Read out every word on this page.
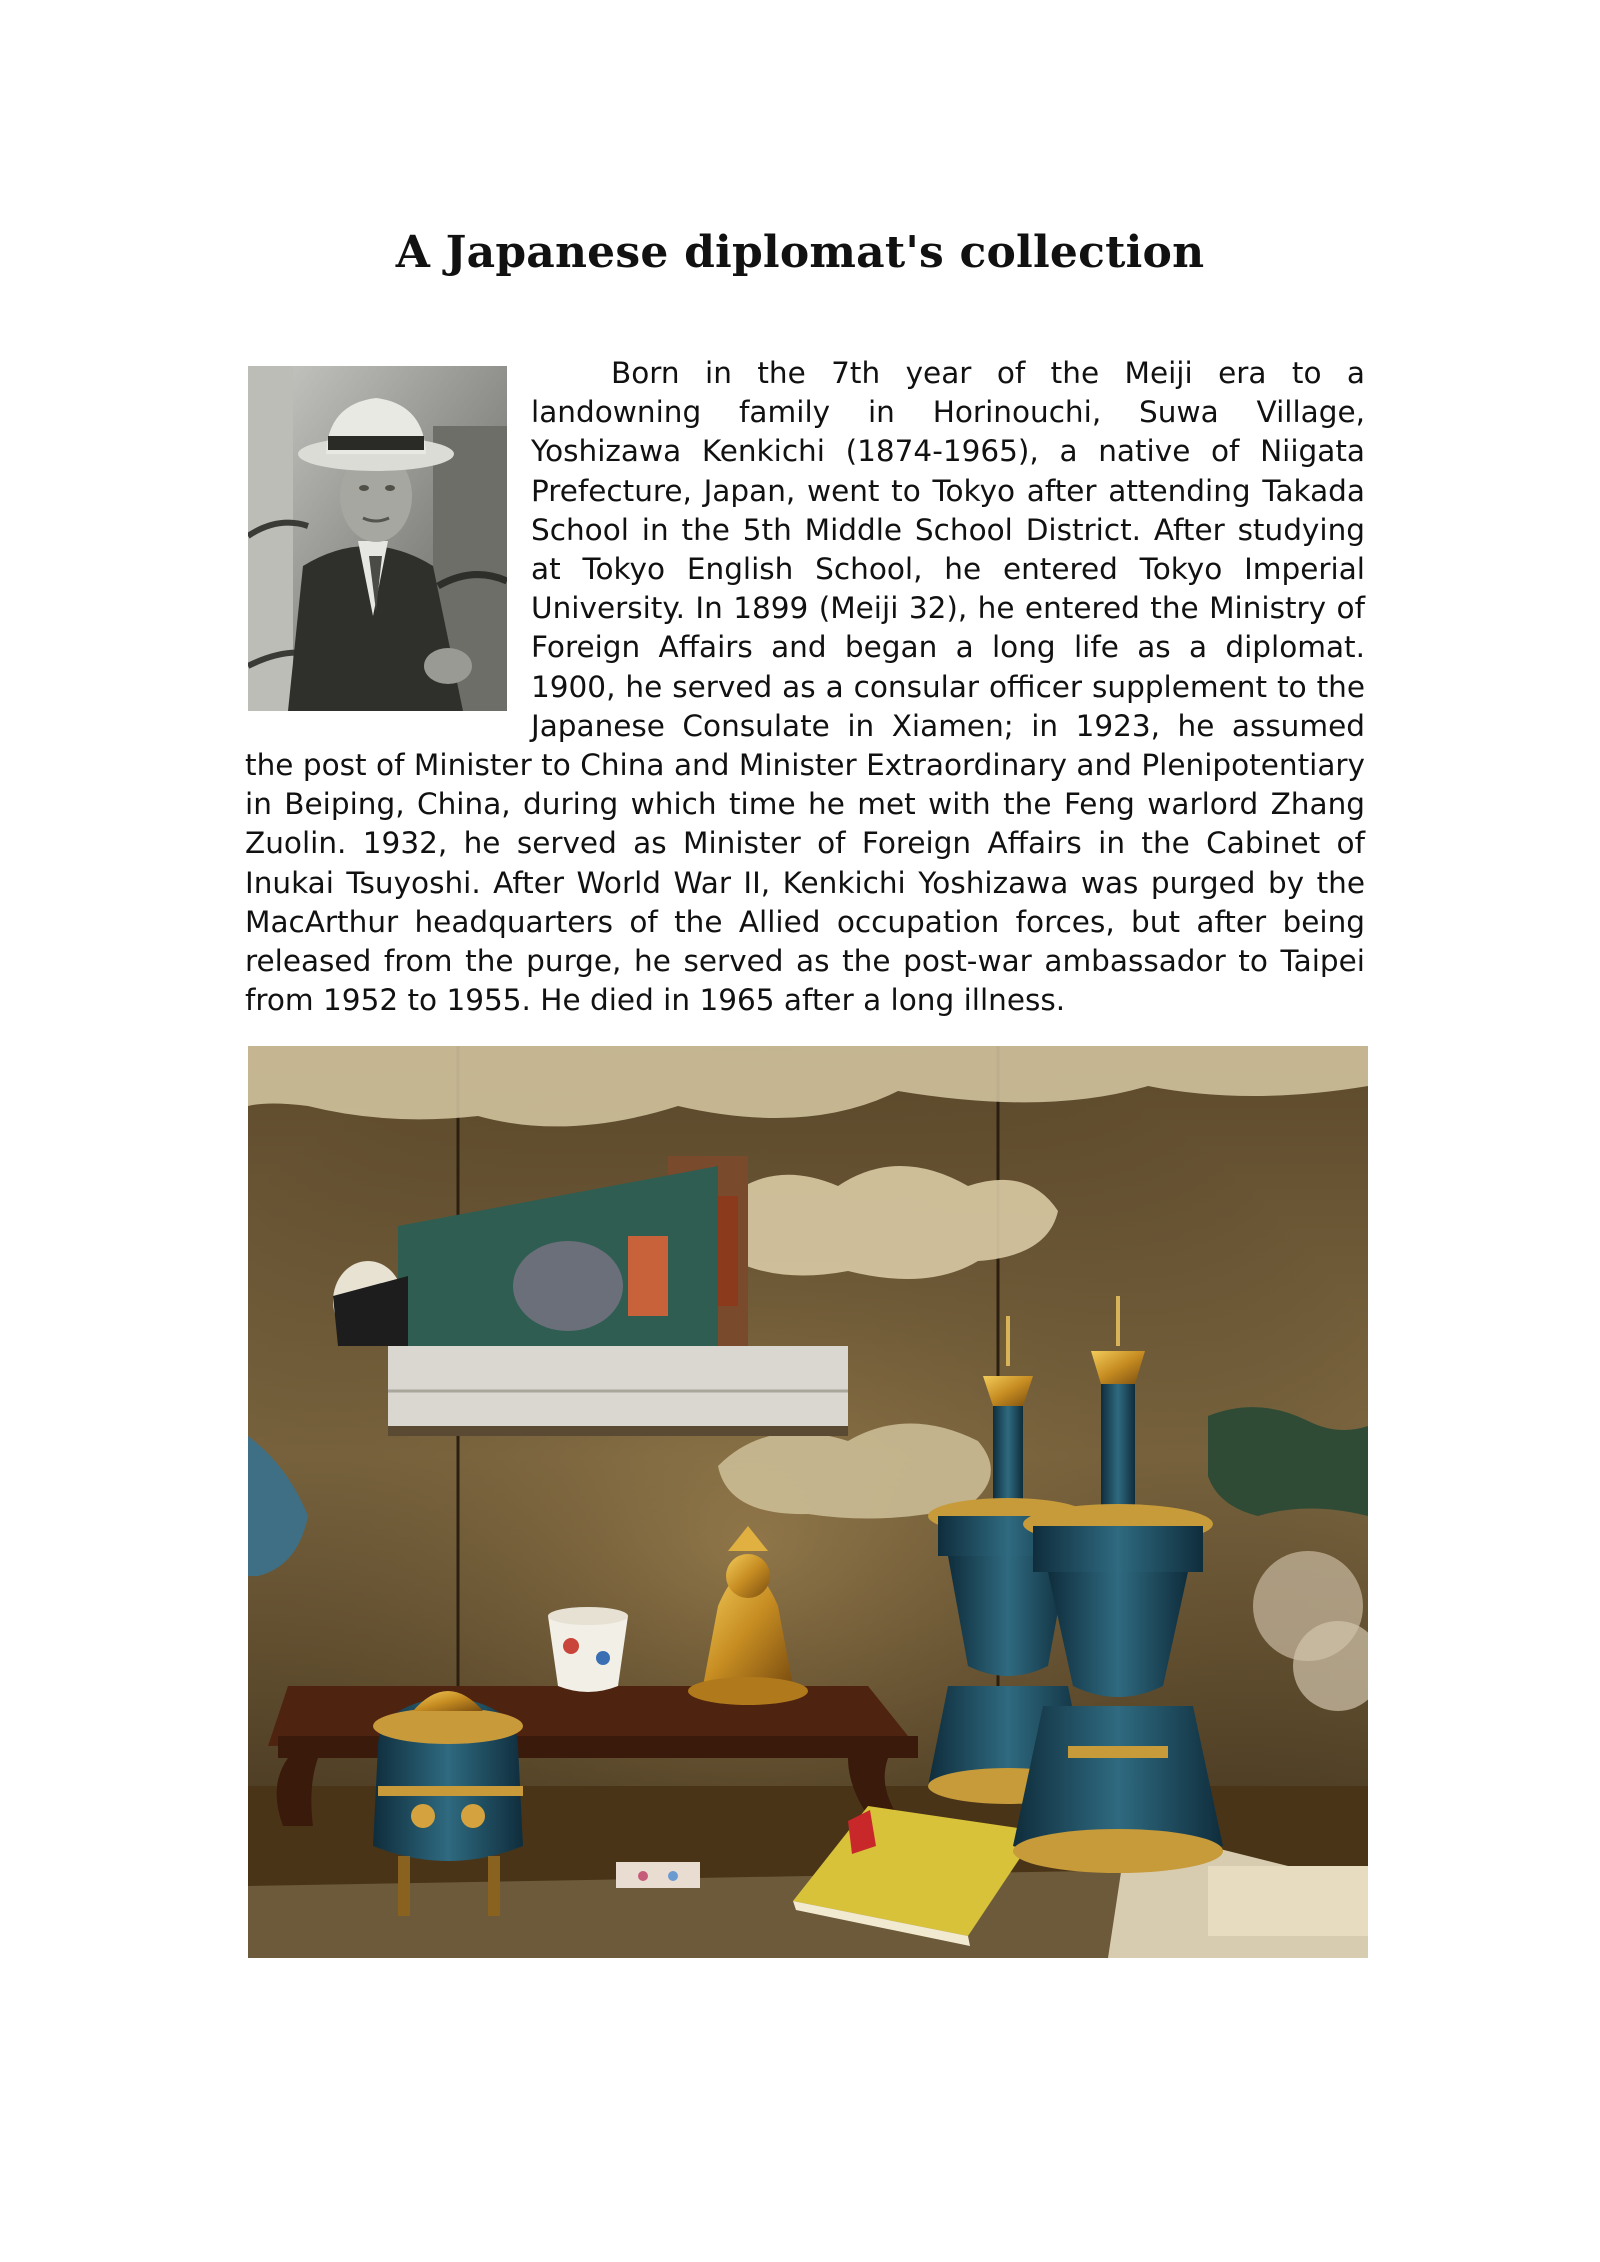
A Japanese diplomat's collection
Born in the 7th year of the Meiji era to a landowning family in Horinouchi, Suwa Village, Yoshizawa Kenkichi (1874-1965), a native of Niigata Prefecture, Japan, went to Tokyo after attending Takada School in the 5th Middle School District. After studying at Tokyo English School, he entered Tokyo Imperial University. In 1899 (Meiji 32), he entered the Ministry of Foreign Affairs and began a long life as a diplomat. 1900, he served as a consular officer supplement to the Japanese Consulate in Xiamen; in 1923, he assumed the post of Minister to China and Minister Extraordinary and Plenipotentiary in Beiping, China, during which time he met with the Feng warlord Zhang Zuolin. 1932, he served as Minister of Foreign Affairs in the Cabinet of Inukai Tsuyoshi. After World War II, Kenkichi Yoshizawa was purged by the MacArthur headquarters of the Allied occupation forces, but after being released from the purge, he served as the post-war ambassador to Taipei from 1952 to 1955. He died in 1965 after a long illness.
